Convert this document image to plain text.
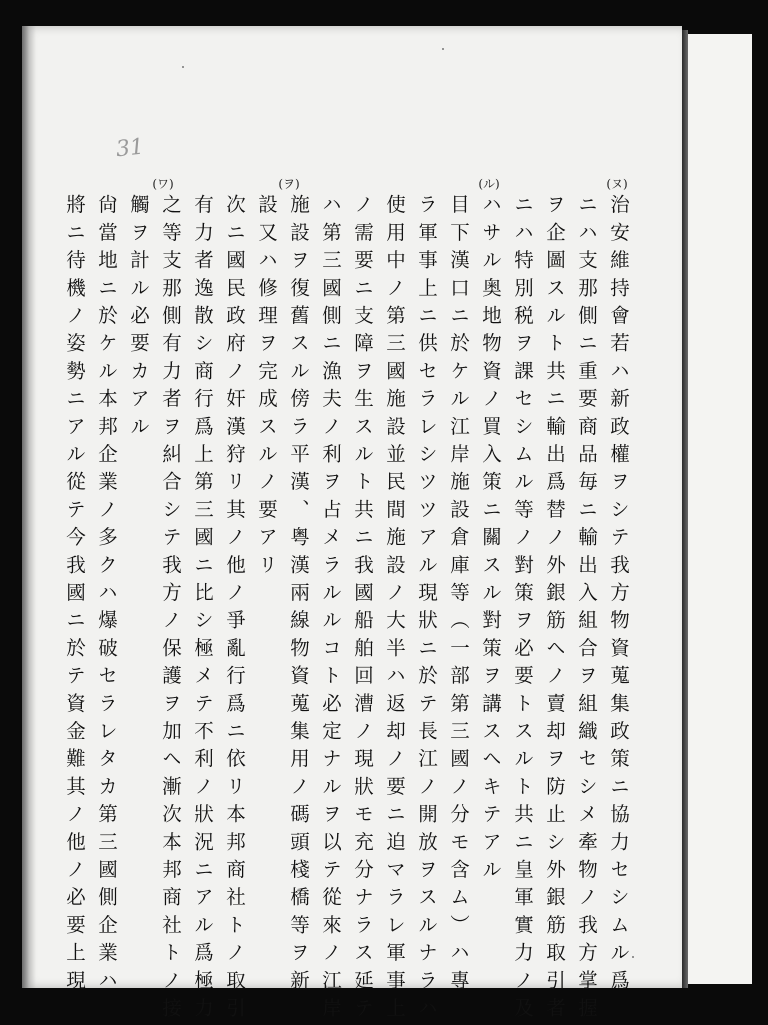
31
(ヌ)
(ル)
(ヲ)
(ワ)
治安維持會若ハ新政權ヲシテ我方物資蒐集政策ニ協力セシムル爲
ニハ支那側ニ重要商品毎ニ輸出入組合ヲ組織セシメ牽物ノ我方掌握
ヲ企圖スルト共ニ輸出爲替ノ外銀筋ヘノ賣却ヲ防止シ外銀筋取引者
ニハ特別税ヲ課セシムル等ノ對策ヲ必要トスルト共ニ皇軍實力ノ及
ハサル奥地物資ノ買入策ニ關スル對策ヲ講スヘキテアル
目下漢口ニ於ケル江岸施設倉庫等（一部第三國ノ分モ含ム）ハ專
ラ軍事上ニ供セラレシツツアル現狀ニ於テ長江ノ開放ヲスルナラハ
使用中ノ第三國施設並民間施設ノ大半ハ返却ノ要ニ迫マラレ軍事上
ノ需要ニ支障ヲ生スルト共ニ我國船舶回漕ノ現狀モ充分ナラス延テ
ハ第三國側ニ漁夫ノ利ヲ占メラルルコト必定ナルヲ以テ從來ノ江岸
施設ヲ復舊スル傍ラ平漢、粤漢兩線物資蒐集用ノ碼頭棧橋等ヲ新
設又ハ修理ヲ完成スルノ要アリ
次ニ國民政府ノ奸漢狩リ其ノ他ノ爭亂行爲ニ依リ本邦商社トノ取引
有力者逸散シ商行爲上第三國ニ比シ極メテ不利ノ狀況ニアル爲極力
之等支那側有力者ヲ糾合シテ我方ノ保護ヲ加ヘ漸次本邦商社トノ接
觸ヲ計ル必要カアル
尙當地ニ於ケル本邦企業ノ多クハ爆破セラレタカ第三國側企業ハ
將ニ待機ノ姿勢ニアル從テ今我國ニ於テ資金難其ノ他ノ必要上現
